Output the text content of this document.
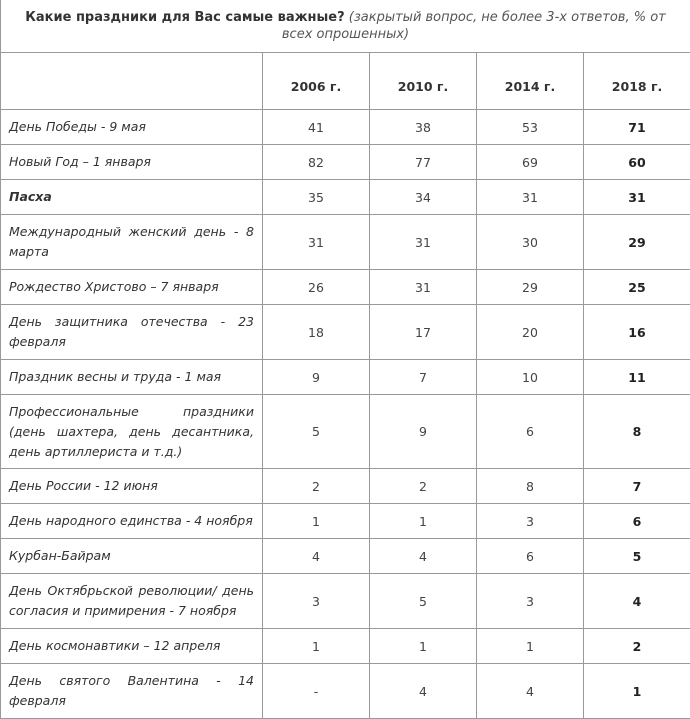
Какие праздники для Вас самые важные? (закрытый вопрос, не более 3-х ответов, % от всех опрошенных)				
	2006 г.	2010 г.	2014 г.	2018 г.
День Победы - 9 мая	41	38	53	71
Новый Год – 1 января	82	77	69	60
Пасха	35	34	31	31
Международный женский день - 8 марта	31	31	30	29
Рождество Христово – 7 января	26	31	29	25
День защитника отечества - 23 февраля	18	17	20	16
Праздник весны и труда - 1 мая	9	7	10	11
Профессиональные праздники (день шахтера, день десантника, день артиллериста и т.д.)	5	9	6	8
День России - 12 июня	2	2	8	7
День народного единства - 4 ноября	1	1	3	6
Курбан-Байрам	4	4	6	5
День Октябрьской революции/ день согласия и примирения - 7 ноября	3	5	3	4
День космонавтики – 12 апреля	1	1	1	2
День святого Валентина - 14 февраля	-	4	4	1
